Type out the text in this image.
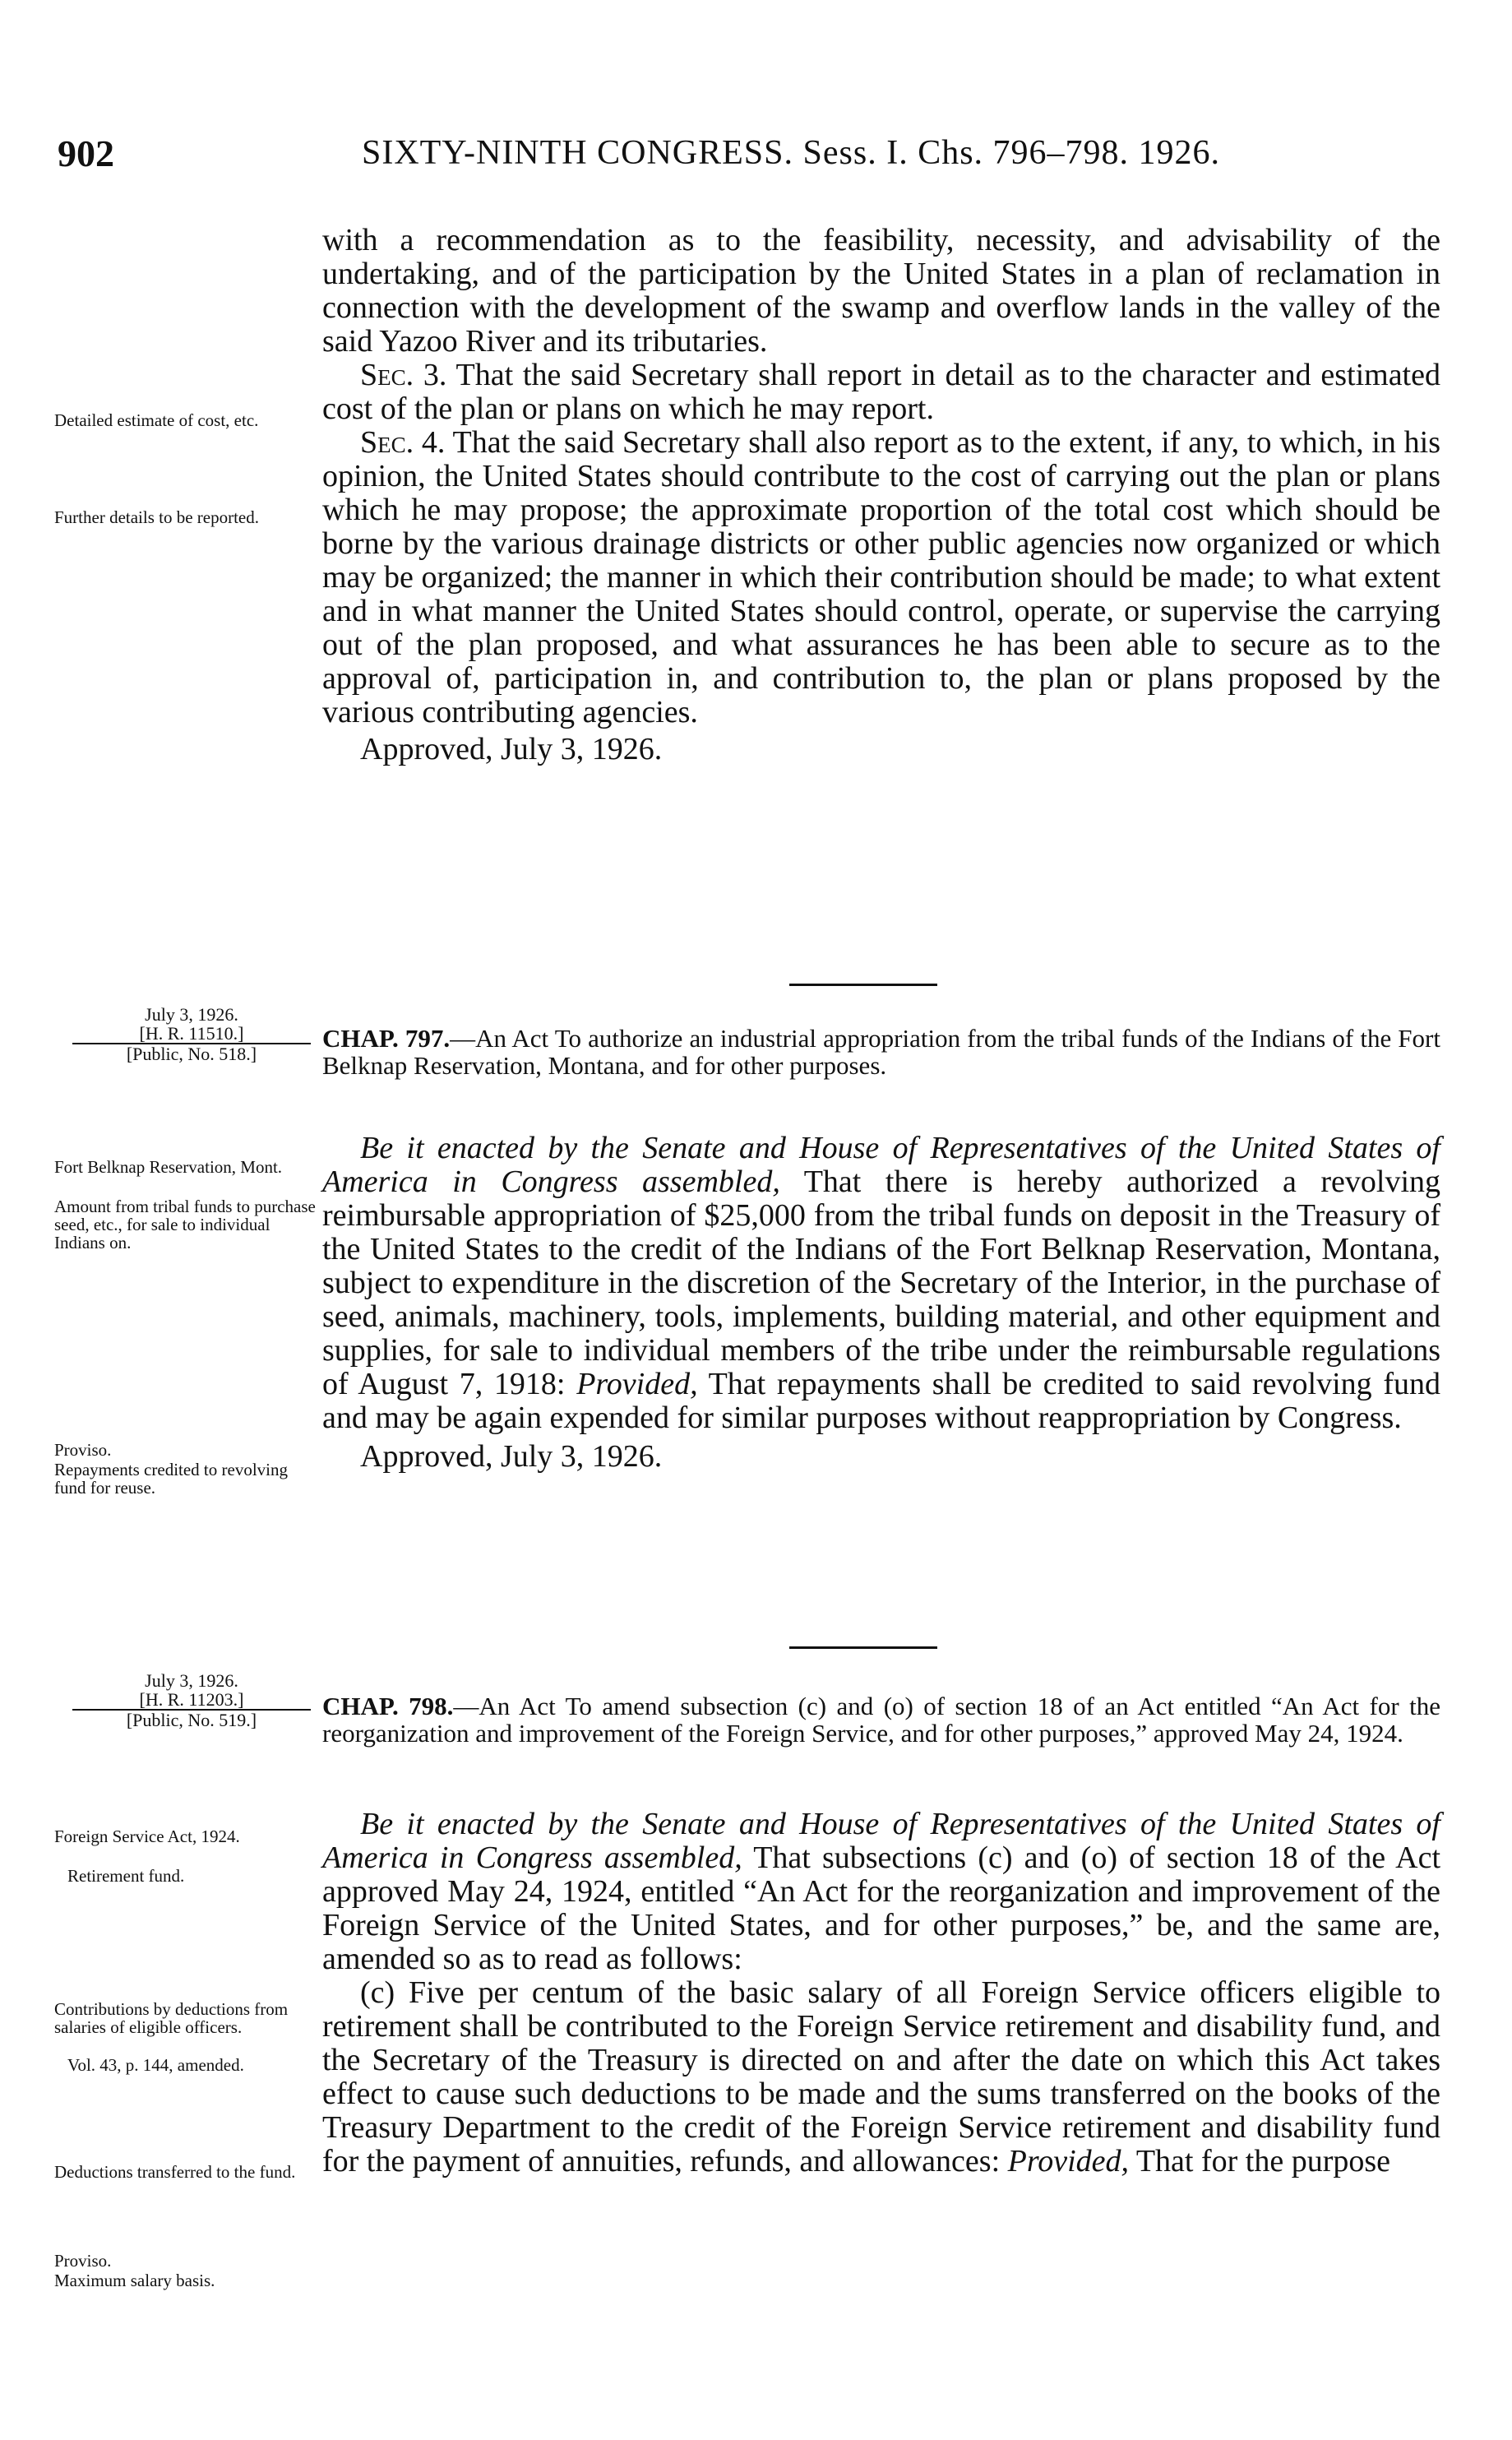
902	SIXTY-NINTH CONGRESS. Sess. I. Chs. 796–798. 1926.

with a recommendation as to the feasibility, necessity, and advisability of the undertaking, and of the participation by the United States in a plan of reclamation in connection with the development of the swamp and overflow lands in the valley of the said Yazoo River and its tributaries.

Sec. 3. That the said Secretary shall report in detail as to the character and estimated cost of the plan or plans on which he may report.

Sec. 4. That the said Secretary shall also report as to the extent, if any, to which, in his opinion, the United States should contribute to the cost of carrying out the plan or plans which he may propose; the approximate proportion of the total cost which should be borne by the various drainage districts or other public agencies now organized or which may be organized; the manner in which their contribution should be made; to what extent and in what manner the United States should control, operate, or supervise the carrying out of the plan proposed, and what assurances he has been able to secure as to the approval of, participation in, and contribution to, the plan or plans proposed by the various contributing agencies.

Approved, July 3, 1926.

Detailed estimate of cost, etc.
Further details to be reported.
July 3, 1926.
[H. R. 11510.]
[Public, No. 518.]
CHAP. 797.—An Act To authorize an industrial appropriation from the tribal funds of the Indians of the Fort Belknap Reservation, Montana, and for other purposes.

Be it enacted by the Senate and House of Representatives of the United States of America in Congress assembled, That there is hereby authorized a revolving reimbursable appropriation of $25,000 from the tribal funds on deposit in the Treasury of the United States to the credit of the Indians of the Fort Belknap Reservation, Montana, subject to expenditure in the discretion of the Secretary of the Interior, in the purchase of seed, animals, machinery, tools, implements, building material, and other equipment and supplies, for sale to individual members of the tribe under the reimbursable regulations of August 7, 1918: Provided, That repayments shall be credited to said revolving fund and may be again expended for similar purposes without reappropriation by Congress.

Approved, July 3, 1926.

Fort Belknap Reservation, Mont.
Amount from tribal funds to purchase seed, etc., for sale to individual Indians on.
Proviso.
Repayments credited to revolving fund for reuse.
July 3, 1926.
[H. R. 11203.]
[Public, No. 519.]	CHAP. 798.—An Act To amend subsection (c) and (o) of section 18 of an Act entitled “An Act for the reorganization and improvement of the Foreign Service, and for other purposes,” approved May 24, 1924.

Be it enacted by the Senate and House of Representatives of the United States of America in Congress assembled, That subsections (c) and (o) of section 18 of the Act approved May 24, 1924, entitled “An Act for the reorganization and improvement of the Foreign Service of the United States, and for other purposes,” be, and the same are, amended so as to read as follows:

(c) Five per centum of the basic salary of all Foreign Service officers eligible to retirement shall be contributed to the Foreign Service retirement and disability fund, and the Secretary of the Treasury is directed on and after the date on which this Act takes effect to cause such deductions to be made and the sums transferred on the books of the Treasury Department to the credit of the Foreign Service retirement and disability fund for the payment of annuities, refunds, and allowances: Provided, That for the purpose

Foreign Service Act, 1924.
Retirement fund.
Contributions by deductions from salaries of eligible officers.
Vol. 43, p. 144, amended.
Deductions transferred to the fund.
Proviso.
Maximum salary basis.
